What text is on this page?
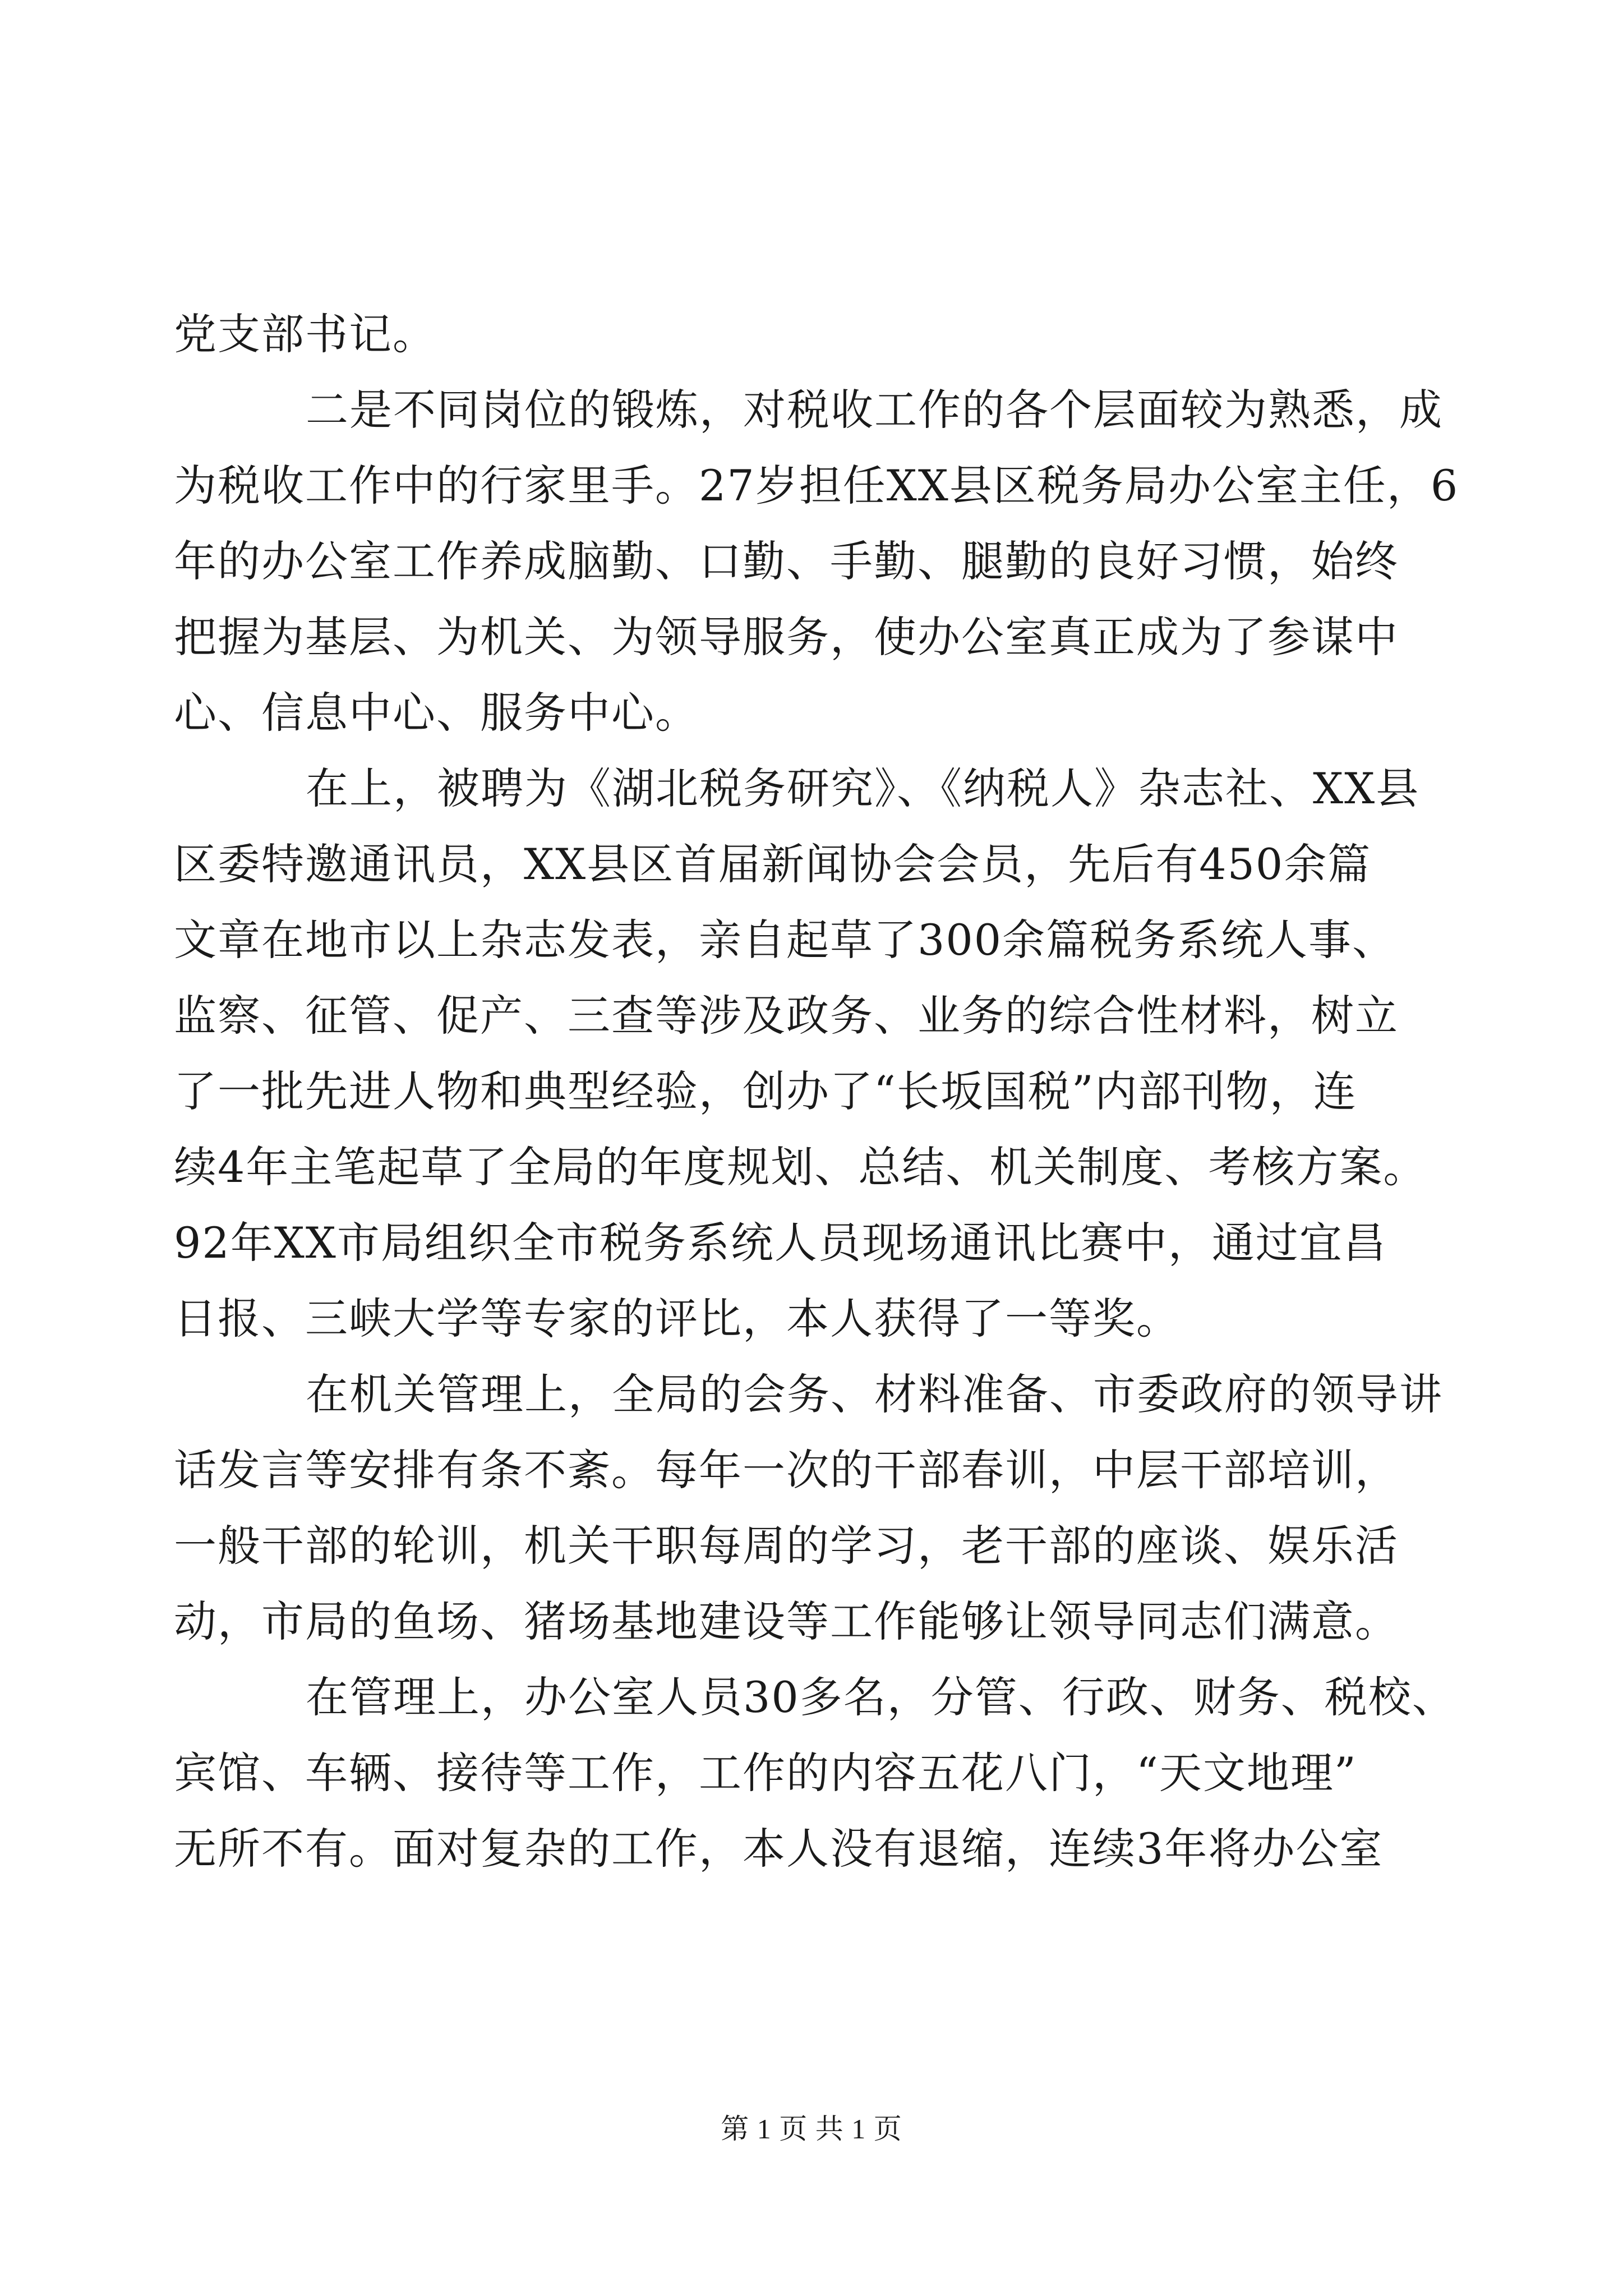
党支部书记。
二是不同岗位的锻炼，对税收工作的各个层面较为熟悉，成
为税收工作中的行家里手。27岁担任XX县区税务局办公室主任，6
年的办公室工作养成脑勤、口勤、手勤、腿勤的良好习惯，始终
把握为基层、为机关、为领导服务，使办公室真正成为了参谋中
心、信息中心、服务中心。
在上，被聘为《湖北税务研究》、《纳税人》杂志社、XX县
区委特邀通讯员，XX县区首届新闻协会会员，先后有450余篇
文章在地市以上杂志发表，亲自起草了300余篇税务系统人事、
监察、征管、促产、三查等涉及政务、业务的综合性材料，树立
了一批先进人物和典型经验，创办了“长坂国税”内部刊物，连
续4年主笔起草了全局的年度规划、总结、机关制度、考核方案。
92年XX市局组织全市税务系统人员现场通讯比赛中，通过宜昌
日报、三峡大学等专家的评比，本人获得了一等奖。
在机关管理上，全局的会务、材料准备、市委政府的领导讲
话发言等安排有条不紊。每年一次的干部春训，中层干部培训，
一般干部的轮训，机关干职每周的学习，老干部的座谈、娱乐活
动，市局的鱼场、猪场基地建设等工作能够让领导同志们满意。
在管理上，办公室人员30多名，分管、行政、财务、税校、
宾馆、车辆、接待等工作，工作的内容五花八门，“天文地理”
无所不有。面对复杂的工作，本人没有退缩，连续3年将办公室
第 1 页 共 1 页
